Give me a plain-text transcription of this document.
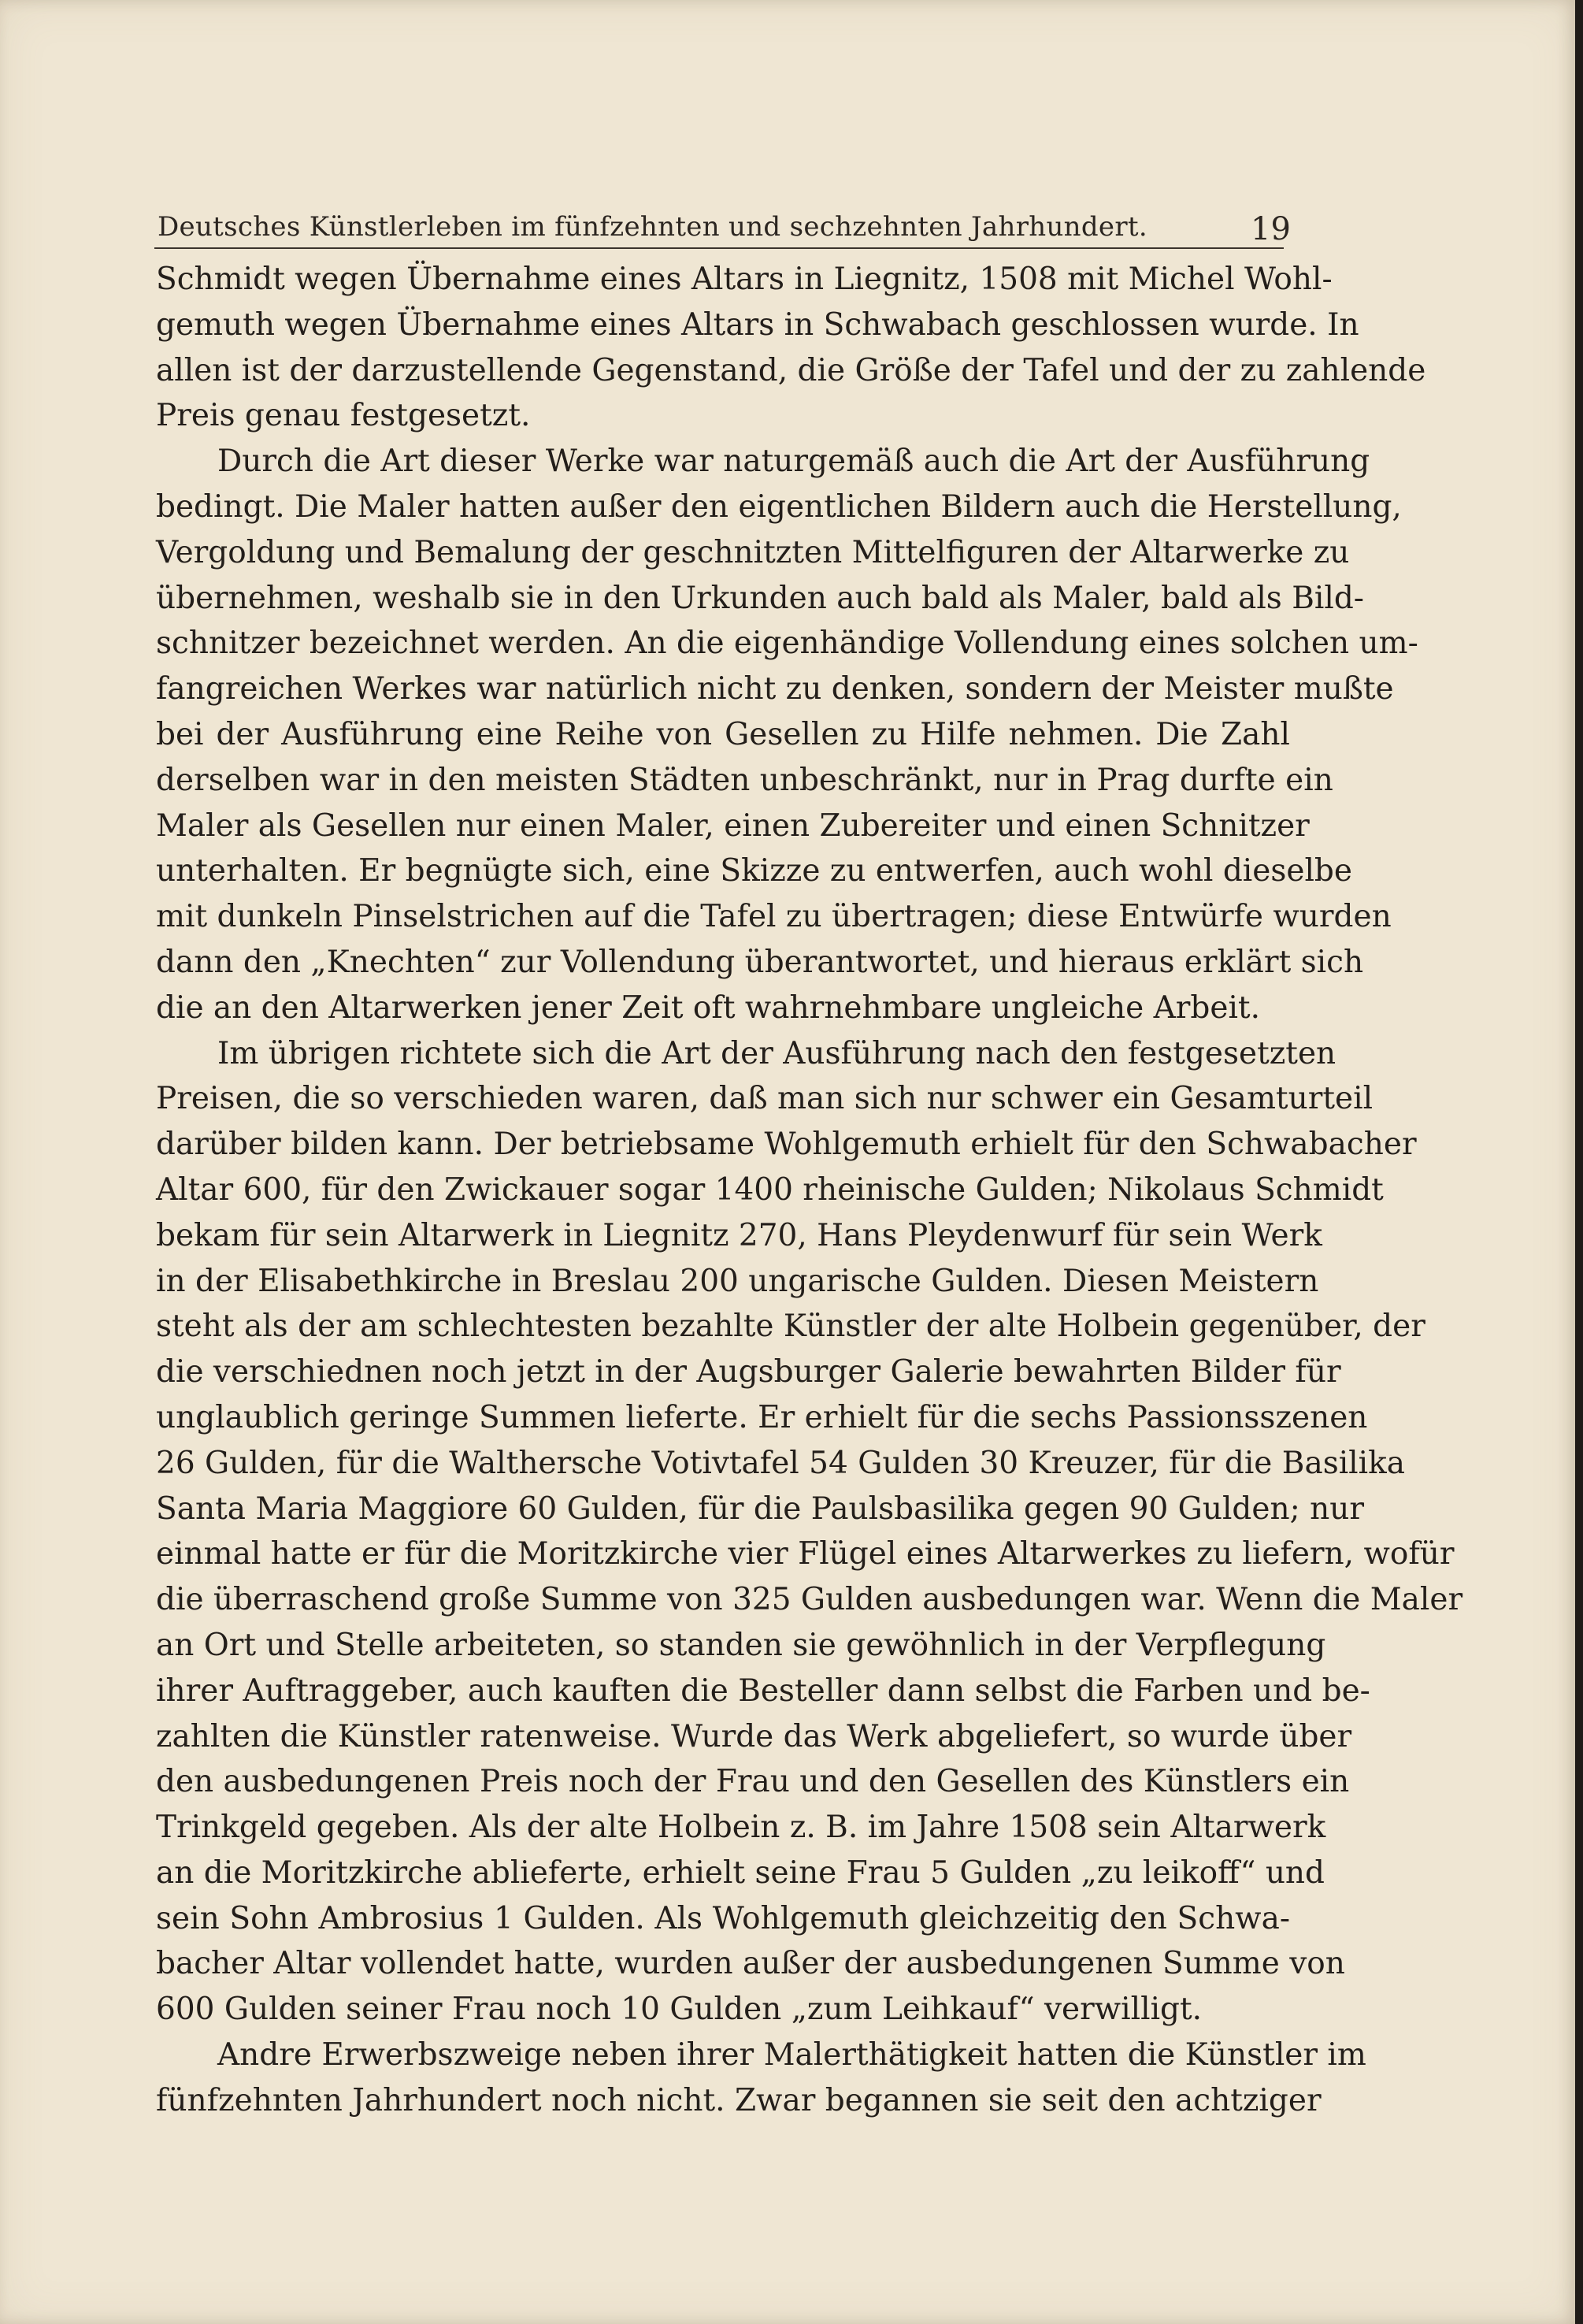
Deutsches Künstlerleben im fünfzehnten und sechzehnten Jahrhundert.	19

Schmidt wegen Übernahme eines Altars in Liegnitz, 1508 mit Michel Wohl-
gemuth wegen Übernahme eines Altars in Schwabach geschlossen wurde. In
allen ist der darzustellende Gegenstand, die Größe der Tafel und der zu zahlende
Preis genau festgesetzt.

Durch die Art dieser Werke war naturgemäß auch die Art der Ausführung
bedingt. Die Maler hatten außer den eigentlichen Bildern auch die Herstellung,
Vergoldung und Bemalung der geschnitzten Mittelfiguren der Altarwerke zu
übernehmen, weshalb sie in den Urkunden auch bald als Maler, bald als Bild-
schnitzer bezeichnet werden. An die eigenhändige Vollendung eines solchen um-
fangreichen Werkes war natürlich nicht zu denken, sondern der Meister mußte
bei der Ausführung eine Reihe von Gesellen zu Hilfe nehmen. Die Zahl
derselben war in den meisten Städten unbeschränkt, nur in Prag durfte ein
Maler als Gesellen nur einen Maler, einen Zubereiter und einen Schnitzer
unterhalten. Er begnügte sich, eine Skizze zu entwerfen, auch wohl dieselbe
mit dunkeln Pinselstrichen auf die Tafel zu übertragen; diese Entwürfe wurden
dann den „Knechten“ zur Vollendung überantwortet, und hieraus erklärt sich
die an den Altarwerken jener Zeit oft wahrnehmbare ungleiche Arbeit.

Im übrigen richtete sich die Art der Ausführung nach den festgesetzten
Preisen, die so verschieden waren, daß man sich nur schwer ein Gesamturteil
darüber bilden kann. Der betriebsame Wohlgemuth erhielt für den Schwabacher
Altar 600, für den Zwickauer sogar 1400 rheinische Gulden; Nikolaus Schmidt
bekam für sein Altarwerk in Liegnitz 270, Hans Pleydenwurf für sein Werk
in der Elisabethkirche in Breslau 200 ungarische Gulden. Diesen Meistern
steht als der am schlechtesten bezahlte Künstler der alte Holbein gegenüber, der
die verschiednen noch jetzt in der Augsburger Galerie bewahrten Bilder für
unglaublich geringe Summen lieferte. Er erhielt für die sechs Passionsszenen
26 Gulden, für die Walthersche Votivtafel 54 Gulden 30 Kreuzer, für die Basilika
Santa Maria Maggiore 60 Gulden, für die Paulsbasilika gegen 90 Gulden; nur
einmal hatte er für die Moritzkirche vier Flügel eines Altarwerkes zu liefern, wofür
die überraschend große Summe von 325 Gulden ausbedungen war. Wenn die Maler
an Ort und Stelle arbeiteten, so standen sie gewöhnlich in der Verpflegung
ihrer Auftraggeber, auch kauften die Besteller dann selbst die Farben und be-
zahlten die Künstler ratenweise. Wurde das Werk abgeliefert, so wurde über
den ausbedungenen Preis noch der Frau und den Gesellen des Künstlers ein
Trinkgeld gegeben. Als der alte Holbein z. B. im Jahre 1508 sein Altarwerk
an die Moritzkirche ablieferte, erhielt seine Frau 5 Gulden „zu leikoff“ und
sein Sohn Ambrosius 1 Gulden. Als Wohlgemuth gleichzeitig den Schwa-
bacher Altar vollendet hatte, wurden außer der ausbedungenen Summe von
600 Gulden seiner Frau noch 10 Gulden „zum Leihkauf“ verwilligt.

Andre Erwerbszweige neben ihrer Malerthätigkeit hatten die Künstler im
fünfzehnten Jahrhundert noch nicht. Zwar begannen sie seit den achtziger
